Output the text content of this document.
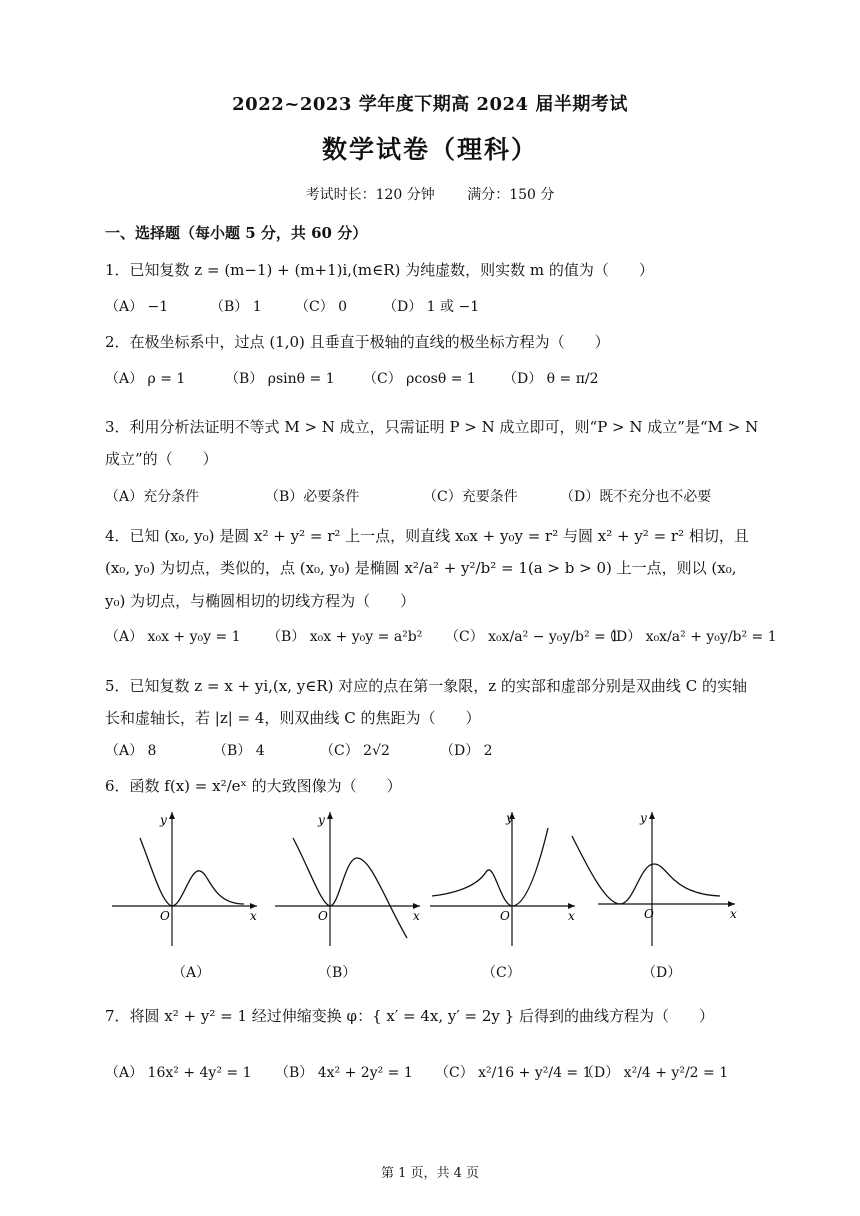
2022~2023 学年度下期高 2024 届半期考试
数学试卷（理科）
考试时长：120 分钟 满分：150 分
一、选择题（每小题 5 分，共 60 分）
1．已知复数 z = (m−1) + (m+1)i,(m∈R) 为纯虚数，则实数 m 的值为（　　）
（A） −1	（B） 1 （C） 0	（D） 1 或 −1
2．在极坐标系中，过点 (1,0) 且垂直于极轴的直线的极坐标方程为（　　）
（A） ρ = 1	（B） ρsinθ = 1 （C） ρcosθ = 1 （D） θ = π/2
3．利用分析法证明不等式 M > N 成立，只需证明 P > N 成立即可，则“P > N 成立”是“M > N 成立”的（　　）
（A）充分条件	（B）必要条件	（C）充要条件	（D）既不充分也不必要
4．已知 (x₀, y₀) 是圆 x² + y² = r² 上一点，则直线 x₀x + y₀y = r² 与圆 x² + y² = r² 相切，且 (x₀, y₀) 为切点，类似的，点 (x₀, y₀) 是椭圆 x²/a² + y²/b² = 1(a > b > 0) 上一点，则以 (x₀, y₀) 为切点，与椭圆相切的切线方程为（　　）
（A） x₀x + y₀y = 1 （B） x₀x + y₀y = a²b² （C） x₀x/a² − y₀y/b² = 1
（D） x₀x/a² + y₀y/b² = 1
5．已知复数 z = x + yi,(x, y∈R) 对应的点在第一象限，z 的实部和虚部分别是双曲线 C 的实轴长和虚轴长，若 |z| = 4，则双曲线 C 的焦距为（　　）
（A） 8	（B） 4	（C） 2√2	（D） 2
6．函数 f(x) = x²/eˣ 的大致图像为（　　）
y
x
O
y
x
O
y
x
O
y
x
O
（A）	（B）	（C）	（D）
7．将圆 x² + y² = 1 经过伸缩变换 φ：{ x′ = 4x, y′ = 2y } 后得到的曲线方程为（　　）
（A） 16x² + 4y² = 1 （B） 4x² + 2y² = 1 （C） x²/16 + y²/4 = 1
（D） x²/4 + y²/2 = 1
第 1 页，共 4 页
